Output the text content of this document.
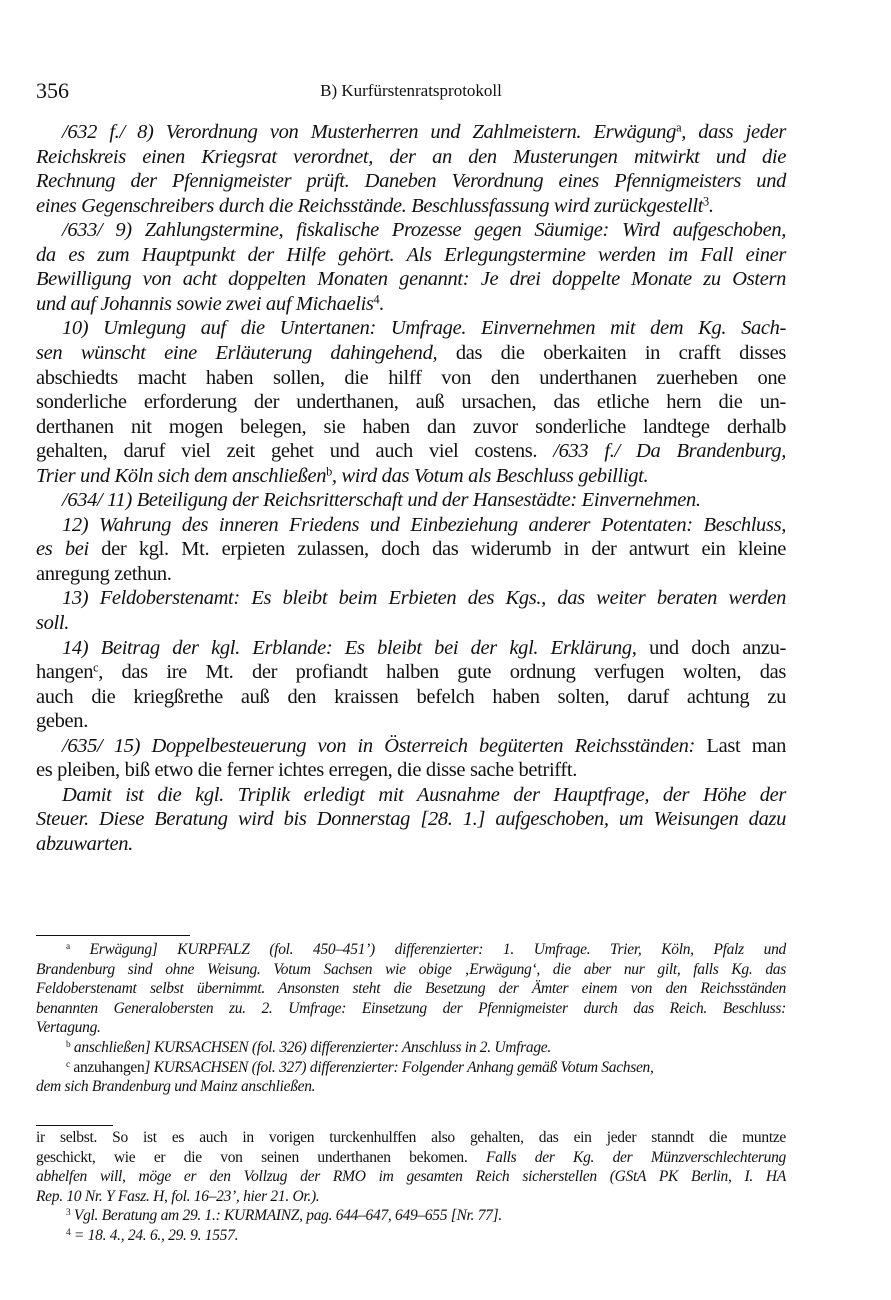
356	B) Kurfürstenratsprotokoll
/632 f./ 8) Verordnung von Musterherren und Zahlmeistern. Erwägung$^a$, dass jeder
Reichskreis einen Kriegsrat verordnet, der an den Musterungen mitwirkt und die
Rechnung der Pfennigmeister prüft. Daneben Verordnung eines Pfennigmeisters und
eines Gegenschreibers durch die Reichsstände. Beschlussfassung wird zurückgestellt$^3$.
/633/ 9) Zahlungstermine, fiskalische Prozesse gegen Säumige: Wird aufgeschoben,
da es zum Hauptpunkt der Hilfe gehört. Als Erlegungstermine werden im Fall einer
Bewilligung von acht doppelten Monaten genannt: Je drei doppelte Monate zu Ostern
und auf Johannis sowie zwei auf Michaelis$^4$.
10) Umlegung auf die Untertanen: Umfrage. Einvernehmen mit dem Kg. Sach-
sen wünscht eine Erläuterung dahingehend, das die oberkaiten in crafft disses
abschiedts macht haben sollen, die hilff von den underthanen zuerheben one
sonderliche erforderung der underthanen, auß ursachen, das etliche hern die un-
derthanen nit mogen belegen, sie haben dan zuvor sonderliche landtege derhalb
gehalten, daruf viel zeit gehet und auch viel costens. /633 f./ Da Brandenburg,
Trier und Köln sich dem anschließen$^b$, wird das Votum als Beschluss gebilligt.
/634/ 11) Beteiligung der Reichsritterschaft und der Hansestädte: Einvernehmen.
12) Wahrung des inneren Friedens und Einbeziehung anderer Potentaten: Beschluss,
es bei der kgl. Mt. erpieten zulassen, doch das widerumb in der antwurt ein kleine
anregung zethun.
13) Feldoberstenamt: Es bleibt beim Erbieten des Kgs., das weiter beraten werden
soll.
14) Beitrag der kgl. Erblande: Es bleibt bei der kgl. Erklärung, und doch anzu-
hangen$^c$, das ire Mt. der profiandt halben gute ordnung verfugen wolten, das
auch die kriegßrethe auß den kraissen befelch haben solten, daruf achtung zu
geben.
/635/ 15) Doppelbesteuerung von in Österreich begüterten Reichsständen: Last man
es pleiben, biß etwo die ferner ichtes erregen, die disse sache betrifft.
Damit ist die kgl. Triplik erledigt mit Ausnahme der Hauptfrage, der Höhe der
Steuer. Diese Beratung wird bis Donnerstag [28. 1.] aufgeschoben, um Weisungen dazu
abzuwarten.
$^a$ Erwägung] KURPFALZ (fol. 450–451’) differenzierter: 1. Umfrage. Trier, Köln, Pfalz und
Brandenburg sind ohne Weisung. Votum Sachsen wie obige ‚Erwägung‘, die aber nur gilt, falls Kg. das
Feldoberstenamt selbst übernimmt. Ansonsten steht die Besetzung der Ämter einem von den Reichsständen
benannten Generalobersten zu. 2. Umfrage: Einsetzung der Pfennigmeister durch das Reich. Beschluss:
Vertagung.
$^b$ anschließen] KURSACHSEN (fol. 326) differenzierter: Anschluss in 2. Umfrage.
$^c$ anzuhangen] KURSACHSEN (fol. 327) differenzierter: Folgender Anhang gemäß Votum Sachsen,
dem sich Brandenburg und Mainz anschließen.
ir selbst. So ist es auch in vorigen turckenhulffen also gehalten, das ein jeder stanndt die muntze
geschickt, wie er die von seinen underthanen bekomen. Falls der Kg. der Münzverschlechterung
abhelfen will, möge er den Vollzug der RMO im gesamten Reich sicherstellen (GStA PK Berlin, I. HA
Rep. 10 Nr. Y Fasz. H, fol. 16–23’, hier 21. Or.).
$^3$ Vgl. Beratung am 29. 1.: KURMAINZ, pag. 644–647, 649–655 [Nr. 77].
$^4$ = 18. 4., 24. 6., 29. 9. 1557.
